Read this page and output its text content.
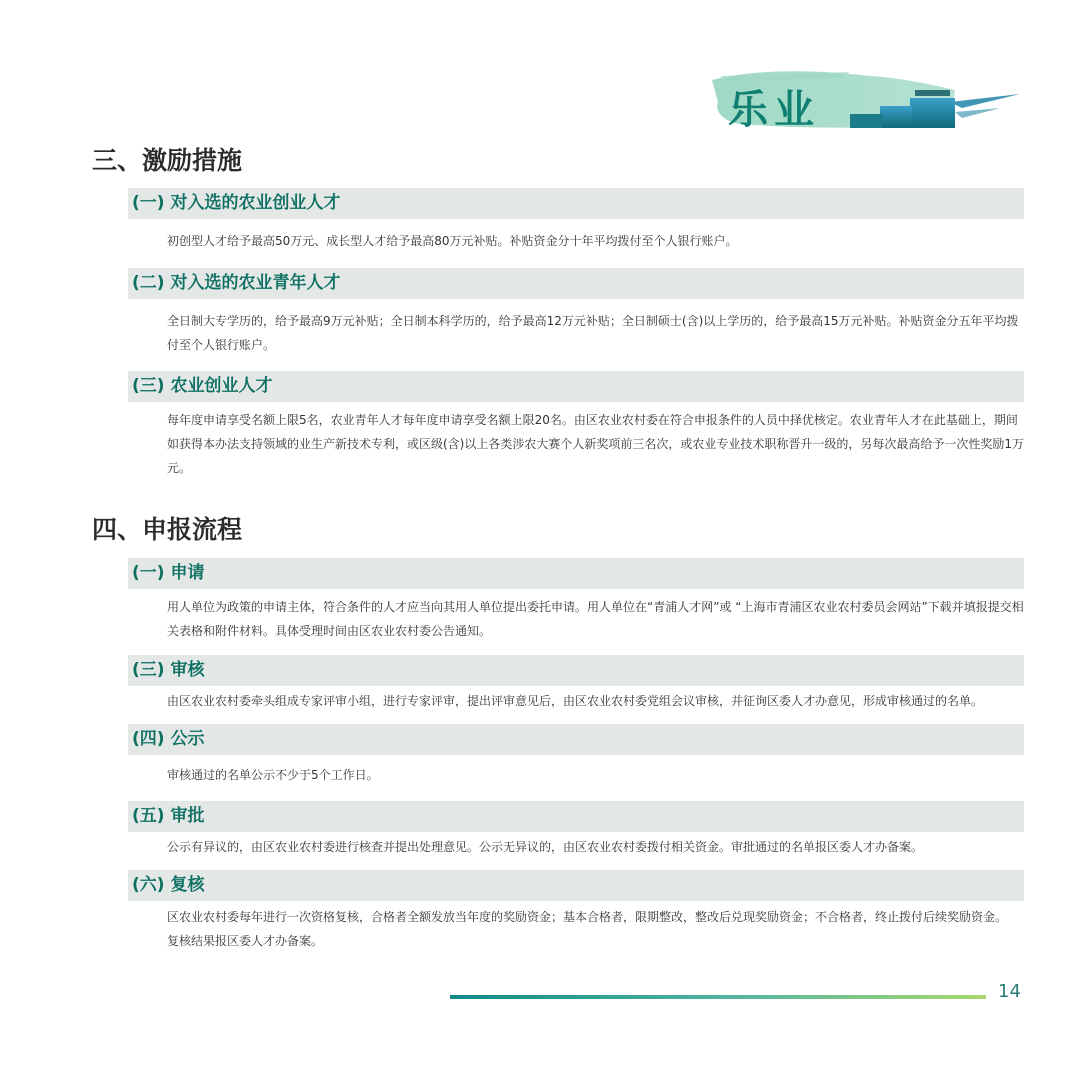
乐业
三、激励措施
(一) 对入选的农业创业人才

初创型人才给予最高50万元、成长型人才给予最高80万元补贴。补贴资金分十年平均拨付至个人银行账户。

(二) 对入选的农业青年人才

全日制大专学历的，给予最高9万元补贴；全日制本科学历的，给予最高12万元补贴；全日制硕士(含)以上学历的，给予最高15万元补贴。补贴资金分五年平均拨付至个人银行账户。

(三) 农业创业人才

每年度申请享受名额上限5名，农业青年人才每年度申请享受名额上限20名。由区农业农村委在符合申报条件的人员中择优核定。农业青年人才在此基础上，期间如获得本办法支持领域的业生产新技术专利，或区级(含)以上各类涉农大赛个人新奖项前三名次，或农业专业技术职称晋升一级的，另每次最高给予一次性奖励1万元。

四、申报流程
(一) 申请

用人单位为政策的申请主体，符合条件的人才应当向其用人单位提出委托申请。用人单位在“青浦人才网”或 “上海市青浦区农业农村委员会网站”下载并填报提交相关表格和附件材料。具体受理时间由区农业农村委公告通知。

(三) 审核

由区农业农村委牵头组成专家评审小组，进行专家评审，提出评审意见后，由区农业农村委党组会议审核，并征询区委人才办意见，形成审核通过的名单。

(四) 公示

审核通过的名单公示不少于5个工作日。

(五) 审批

公示有异议的，由区农业农村委进行核查并提出处理意见。公示无异议的，由区农业农村委拨付相关资金。审批通过的名单报区委人才办备案。

(六) 复核

区农业农村委每年进行一次资格复核，合格者全额发放当年度的奖励资金；基本合格者，限期整改，整改后兑现奖励资金；不合格者，终止拨付后续奖励资金。

复核结果报区委人才办备案。

14
